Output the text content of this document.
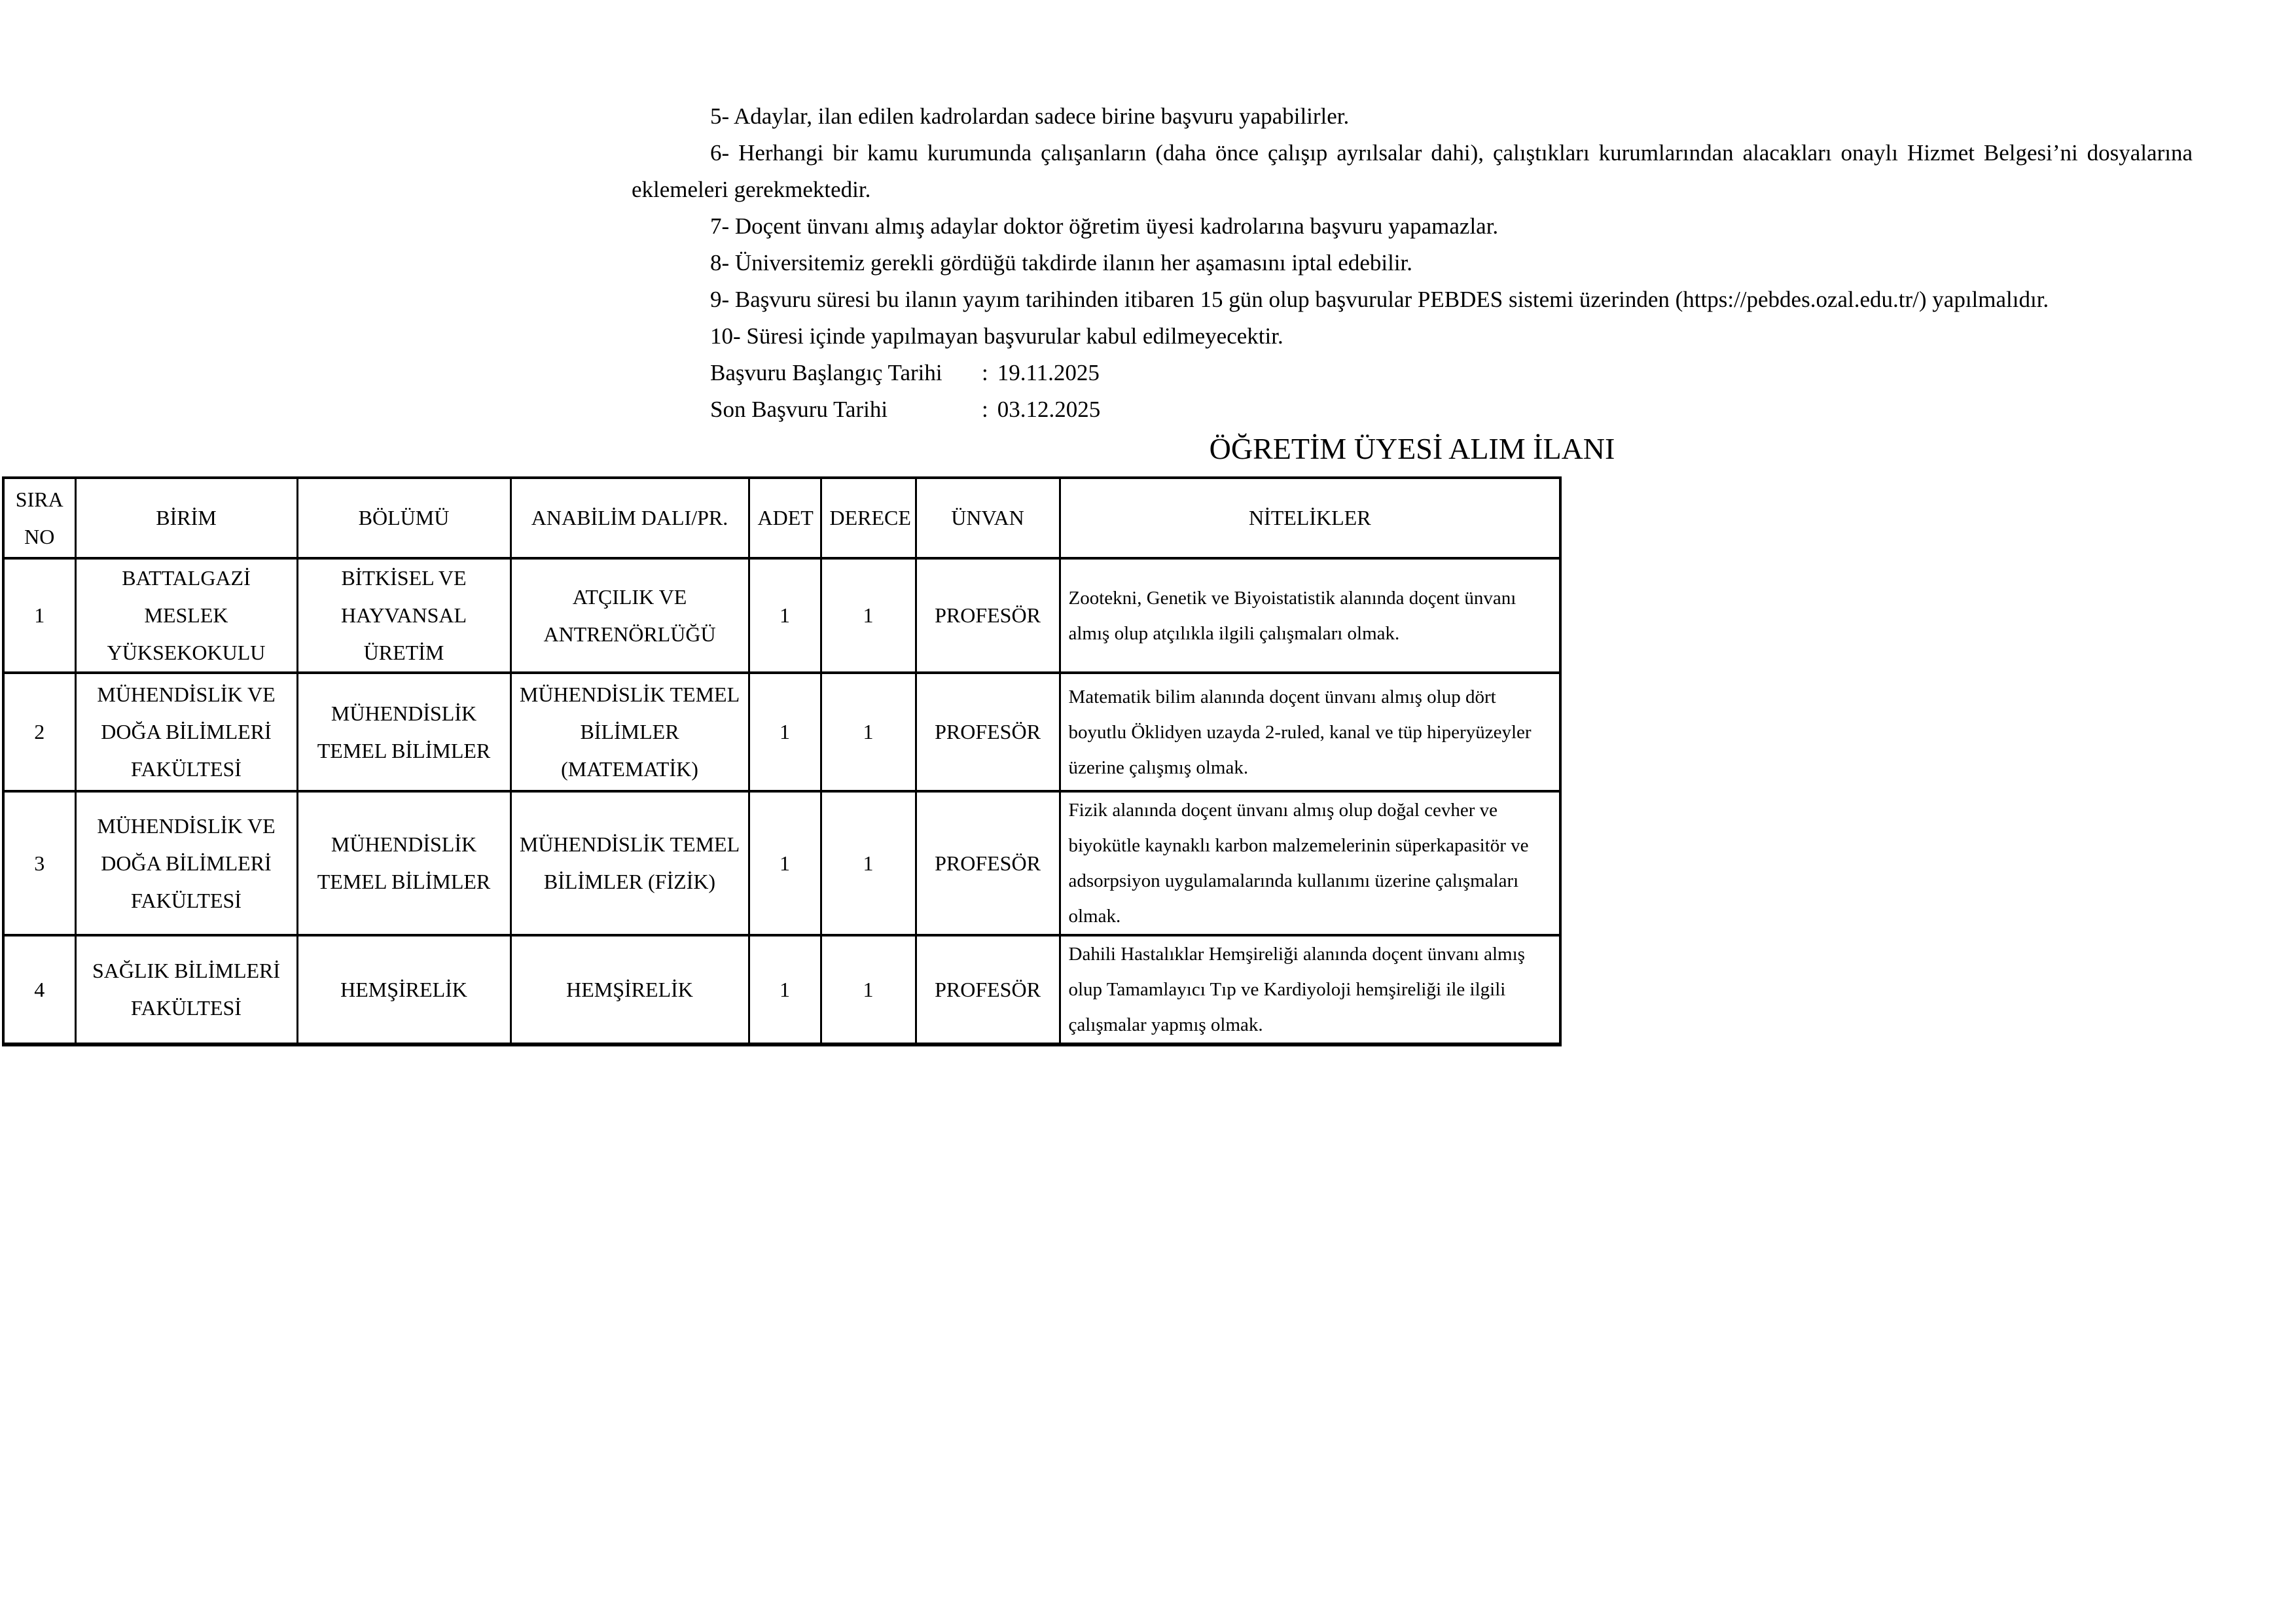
5- Adaylar, ilan edilen kadrolardan sadece birine başvuru yapabilirler.

6- Herhangi bir kamu kurumunda çalışanların (daha önce çalışıp ayrılsalar dahi), çalıştıkları kurumlarından alacakları onaylı Hizmet Belgesi’ni dosyalarına eklemeleri gerekmektedir.

7- Doçent ünvanı almış adaylar doktor öğretim üyesi kadrolarına başvuru yapamazlar.

8- Üniversitemiz gerekli gördüğü takdirde ilanın her aşamasını iptal edebilir.

9- Başvuru süresi bu ilanın yayım tarihinden itibaren 15 gün olup başvurular PEBDES sistemi üzerinden (https://pebdes.ozal.edu.tr/) yapılmalıdır.

10- Süresi içinde yapılmayan başvurular kabul edilmeyecektir.

Başvuru Başlangıç Tarihi : 19.11.2025
Son Başvuru Tarihi	: 03.12.2025
ÖĞRETİM ÜYESİ ALIM İLANI
SIRA NO	BİRİM	BÖLÜMÜ	ANABİLİM DALI/PR.	ADET	DERECE	ÜNVAN	NİTELİKLER
1	BATTALGAZİ MESLEK YÜKSEKOKULU	BİTKİSEL VE HAYVANSAL ÜRETİM	ATÇILIK VE ANTRENÖRLÜĞÜ	1	1	PROFESÖR	Zootekni, Genetik ve Biyoistatistik alanında doçent ünvanı almış olup atçılıkla ilgili çalışmaları olmak.
2	MÜHENDİSLİK VE DOĞA BİLİMLERİ FAKÜLTESİ	MÜHENDİSLİK TEMEL BİLİMLER	MÜHENDİSLİK TEMEL BİLİMLER (MATEMATİK)	1	1	PROFESÖR	Matematik bilim alanında doçent ünvanı almış olup dört boyutlu Öklidyen uzayda 2-ruled, kanal ve tüp hiperyüzeyler üzerine çalışmış olmak.
3	MÜHENDİSLİK VE DOĞA BİLİMLERİ FAKÜLTESİ	MÜHENDİSLİK TEMEL BİLİMLER	MÜHENDİSLİK TEMEL BİLİMLER (FİZİK)	1	1	PROFESÖR	Fizik alanında doçent ünvanı almış olup doğal cevher ve biyokütle kaynaklı karbon malzemelerinin süperkapasitör ve adsorpsiyon uygulamalarında kullanımı üzerine çalışmaları olmak.
4	SAĞLIK BİLİMLERİ FAKÜLTESİ	HEMŞİRELİK	HEMŞİRELİK	1	1	PROFESÖR	Dahili Hastalıklar Hemşireliği alanında doçent ünvanı almış olup Tamamlayıcı Tıp ve Kardiyoloji hemşireliği ile ilgili çalışmalar yapmış olmak.
